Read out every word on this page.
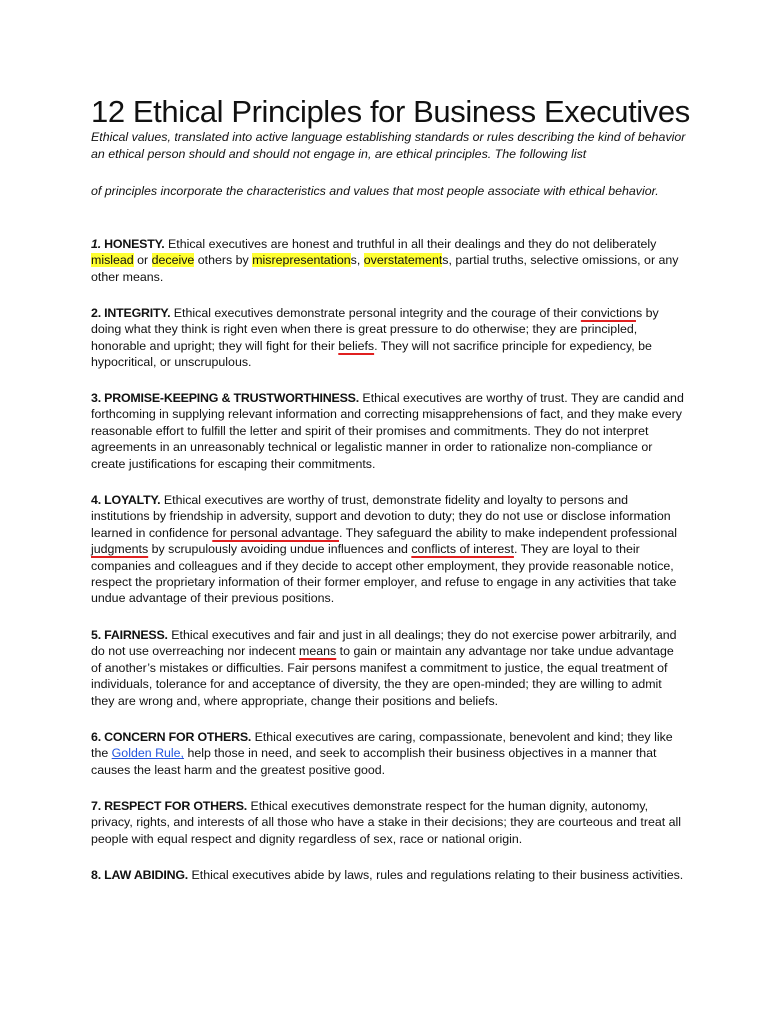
12 Ethical Principles for Business Executives

Ethical values, translated into active language establishing standards or rules describing the kind of behavior an ethical person should and should not engage in, are ethical principles. The following list

of principles incorporate the characteristics and values that most people associate with ethical behavior.

1. HONESTY. Ethical executives are honest and truthful in all their dealings and they do not deliberately mislead or deceive others by misrepresentations, overstatements, partial truths, selective omissions, or any other means.

2. INTEGRITY. Ethical executives demonstrate personal integrity and the courage of their convictions by doing what they think is right even when there is great pressure to do otherwise; they are principled, honorable and upright; they will fight for their beliefs. They will not sacrifice principle for expediency, be hypocritical, or unscrupulous.

3. PROMISE-KEEPING & TRUSTWORTHINESS. Ethical executives are worthy of trust. They are candid and forthcoming in supplying relevant information and correcting misapprehensions of fact, and they make every reasonable effort to fulfill the letter and spirit of their promises and commitments. They do not interpret agreements in an unreasonably technical or legalistic manner in order to rationalize non-compliance or create justifications for escaping their commitments.

4. LOYALTY. Ethical executives are worthy of trust, demonstrate fidelity and loyalty to persons and institutions by friendship in adversity, support and devotion to duty; they do not use or disclose information learned in confidence for personal advantage. They safeguard the ability to make independent professional judgments by scrupulously avoiding undue influences and conflicts of interest. They are loyal to their companies and colleagues and if they decide to accept other employment, they provide reasonable notice, respect the proprietary information of their former employer, and refuse to engage in any activities that take undue advantage of their previous positions.

5. FAIRNESS. Ethical executives and fair and just in all dealings; they do not exercise power arbitrarily, and do not use overreaching nor indecent means to gain or maintain any advantage nor take undue advantage of another’s mistakes or difficulties. Fair persons manifest a commitment to justice, the equal treatment of individuals, tolerance for and acceptance of diversity, the they are open-minded; they are willing to admit they are wrong and, where appropriate, change their positions and beliefs.

6. CONCERN FOR OTHERS. Ethical executives are caring, compassionate, benevolent and kind; they like the Golden Rule, help those in need, and seek to accomplish their business objectives in a manner that causes the least harm and the greatest positive good.

7. RESPECT FOR OTHERS. Ethical executives demonstrate respect for the human dignity, autonomy, privacy, rights, and interests of all those who have a stake in their decisions; they are courteous and treat all people with equal respect and dignity regardless of sex, race or national origin.

8. LAW ABIDING. Ethical executives abide by laws, rules and regulations relating to their business activities.
